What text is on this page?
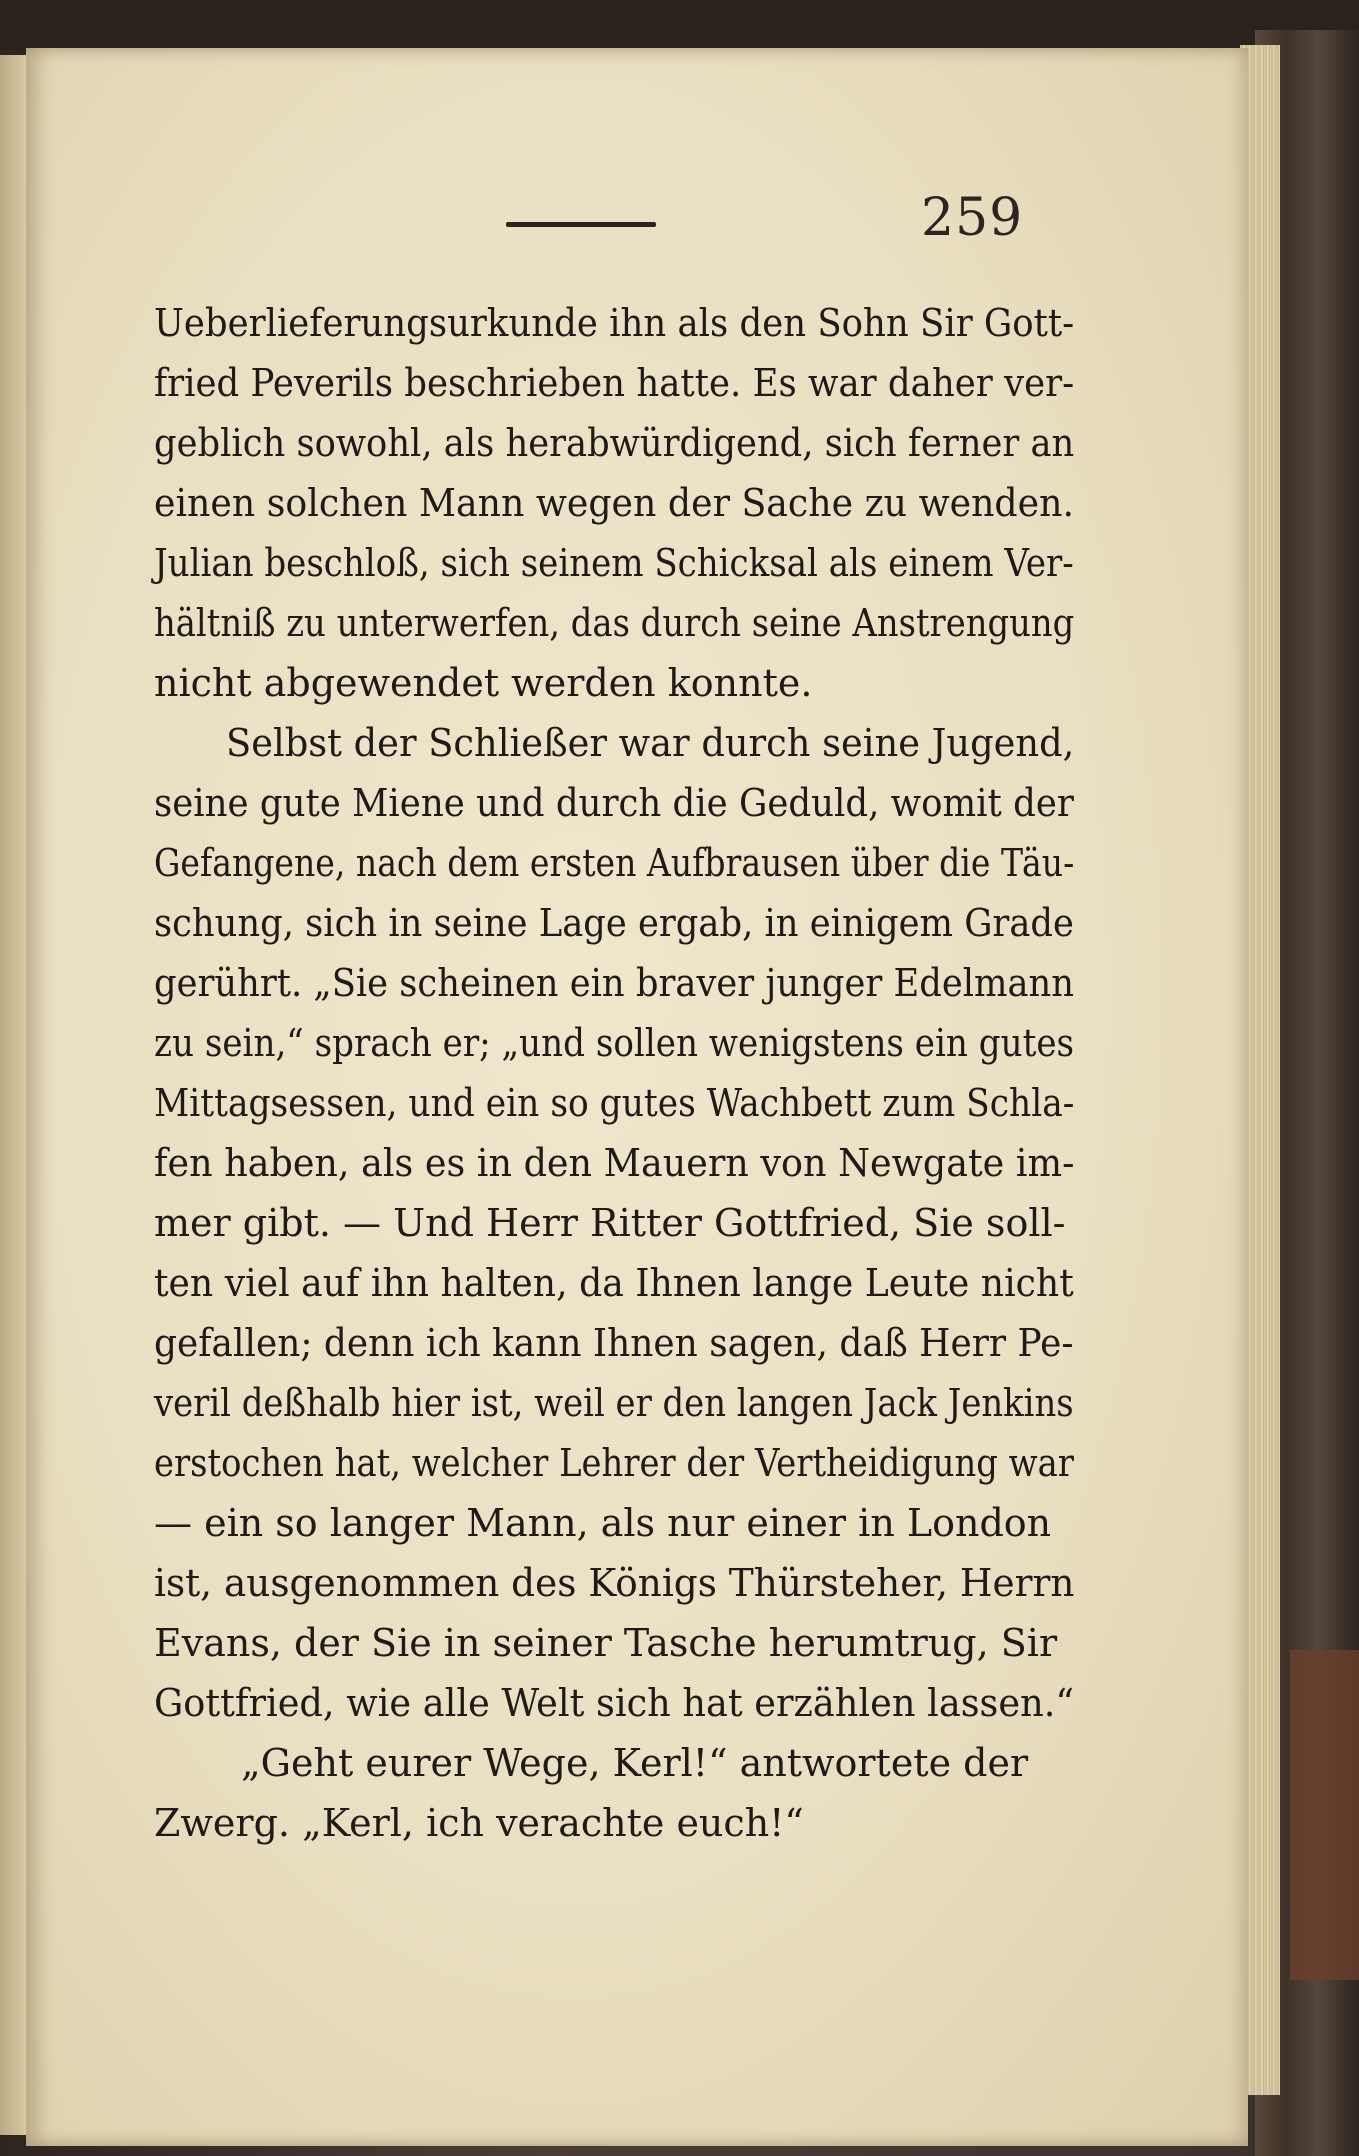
259
Ueberlieferungsurkunde ihn als den Sohn Sir Gott-
fried Peverils beschrieben hatte. Es war daher ver-
geblich sowohl, als herabwürdigend, sich ferner an
einen solchen Mann wegen der Sache zu wenden.
Julian beschloß, sich seinem Schicksal als einem Ver-
hältniß zu unterwerfen, das durch seine Anstrengung
nicht abgewendet werden konnte.
Selbst der Schließer war durch seine Jugend,
seine gute Miene und durch die Geduld, womit der
Gefangene, nach dem ersten Aufbrausen über die Täu-
schung, sich in seine Lage ergab, in einigem Grade
gerührt. „Sie scheinen ein braver junger Edelmann
zu sein,“ sprach er; „und sollen wenigstens ein gutes
Mittagsessen, und ein so gutes Wachbett zum Schla-
fen haben, als es in den Mauern von Newgate im-
mer gibt. — Und Herr Ritter Gottfried, Sie soll-
ten viel auf ihn halten, da Ihnen lange Leute nicht
gefallen; denn ich kann Ihnen sagen, daß Herr Pe-
veril deßhalb hier ist, weil er den langen Jack Jenkins
erstochen hat, welcher Lehrer der Vertheidigung war
— ein so langer Mann, als nur einer in London
ist, ausgenommen des Königs Thürsteher, Herrn
Evans, der Sie in seiner Tasche herumtrug, Sir
Gottfried, wie alle Welt sich hat erzählen lassen.“
„Geht eurer Wege, Kerl!“ antwortete der
Zwerg. „Kerl, ich verachte euch!“
